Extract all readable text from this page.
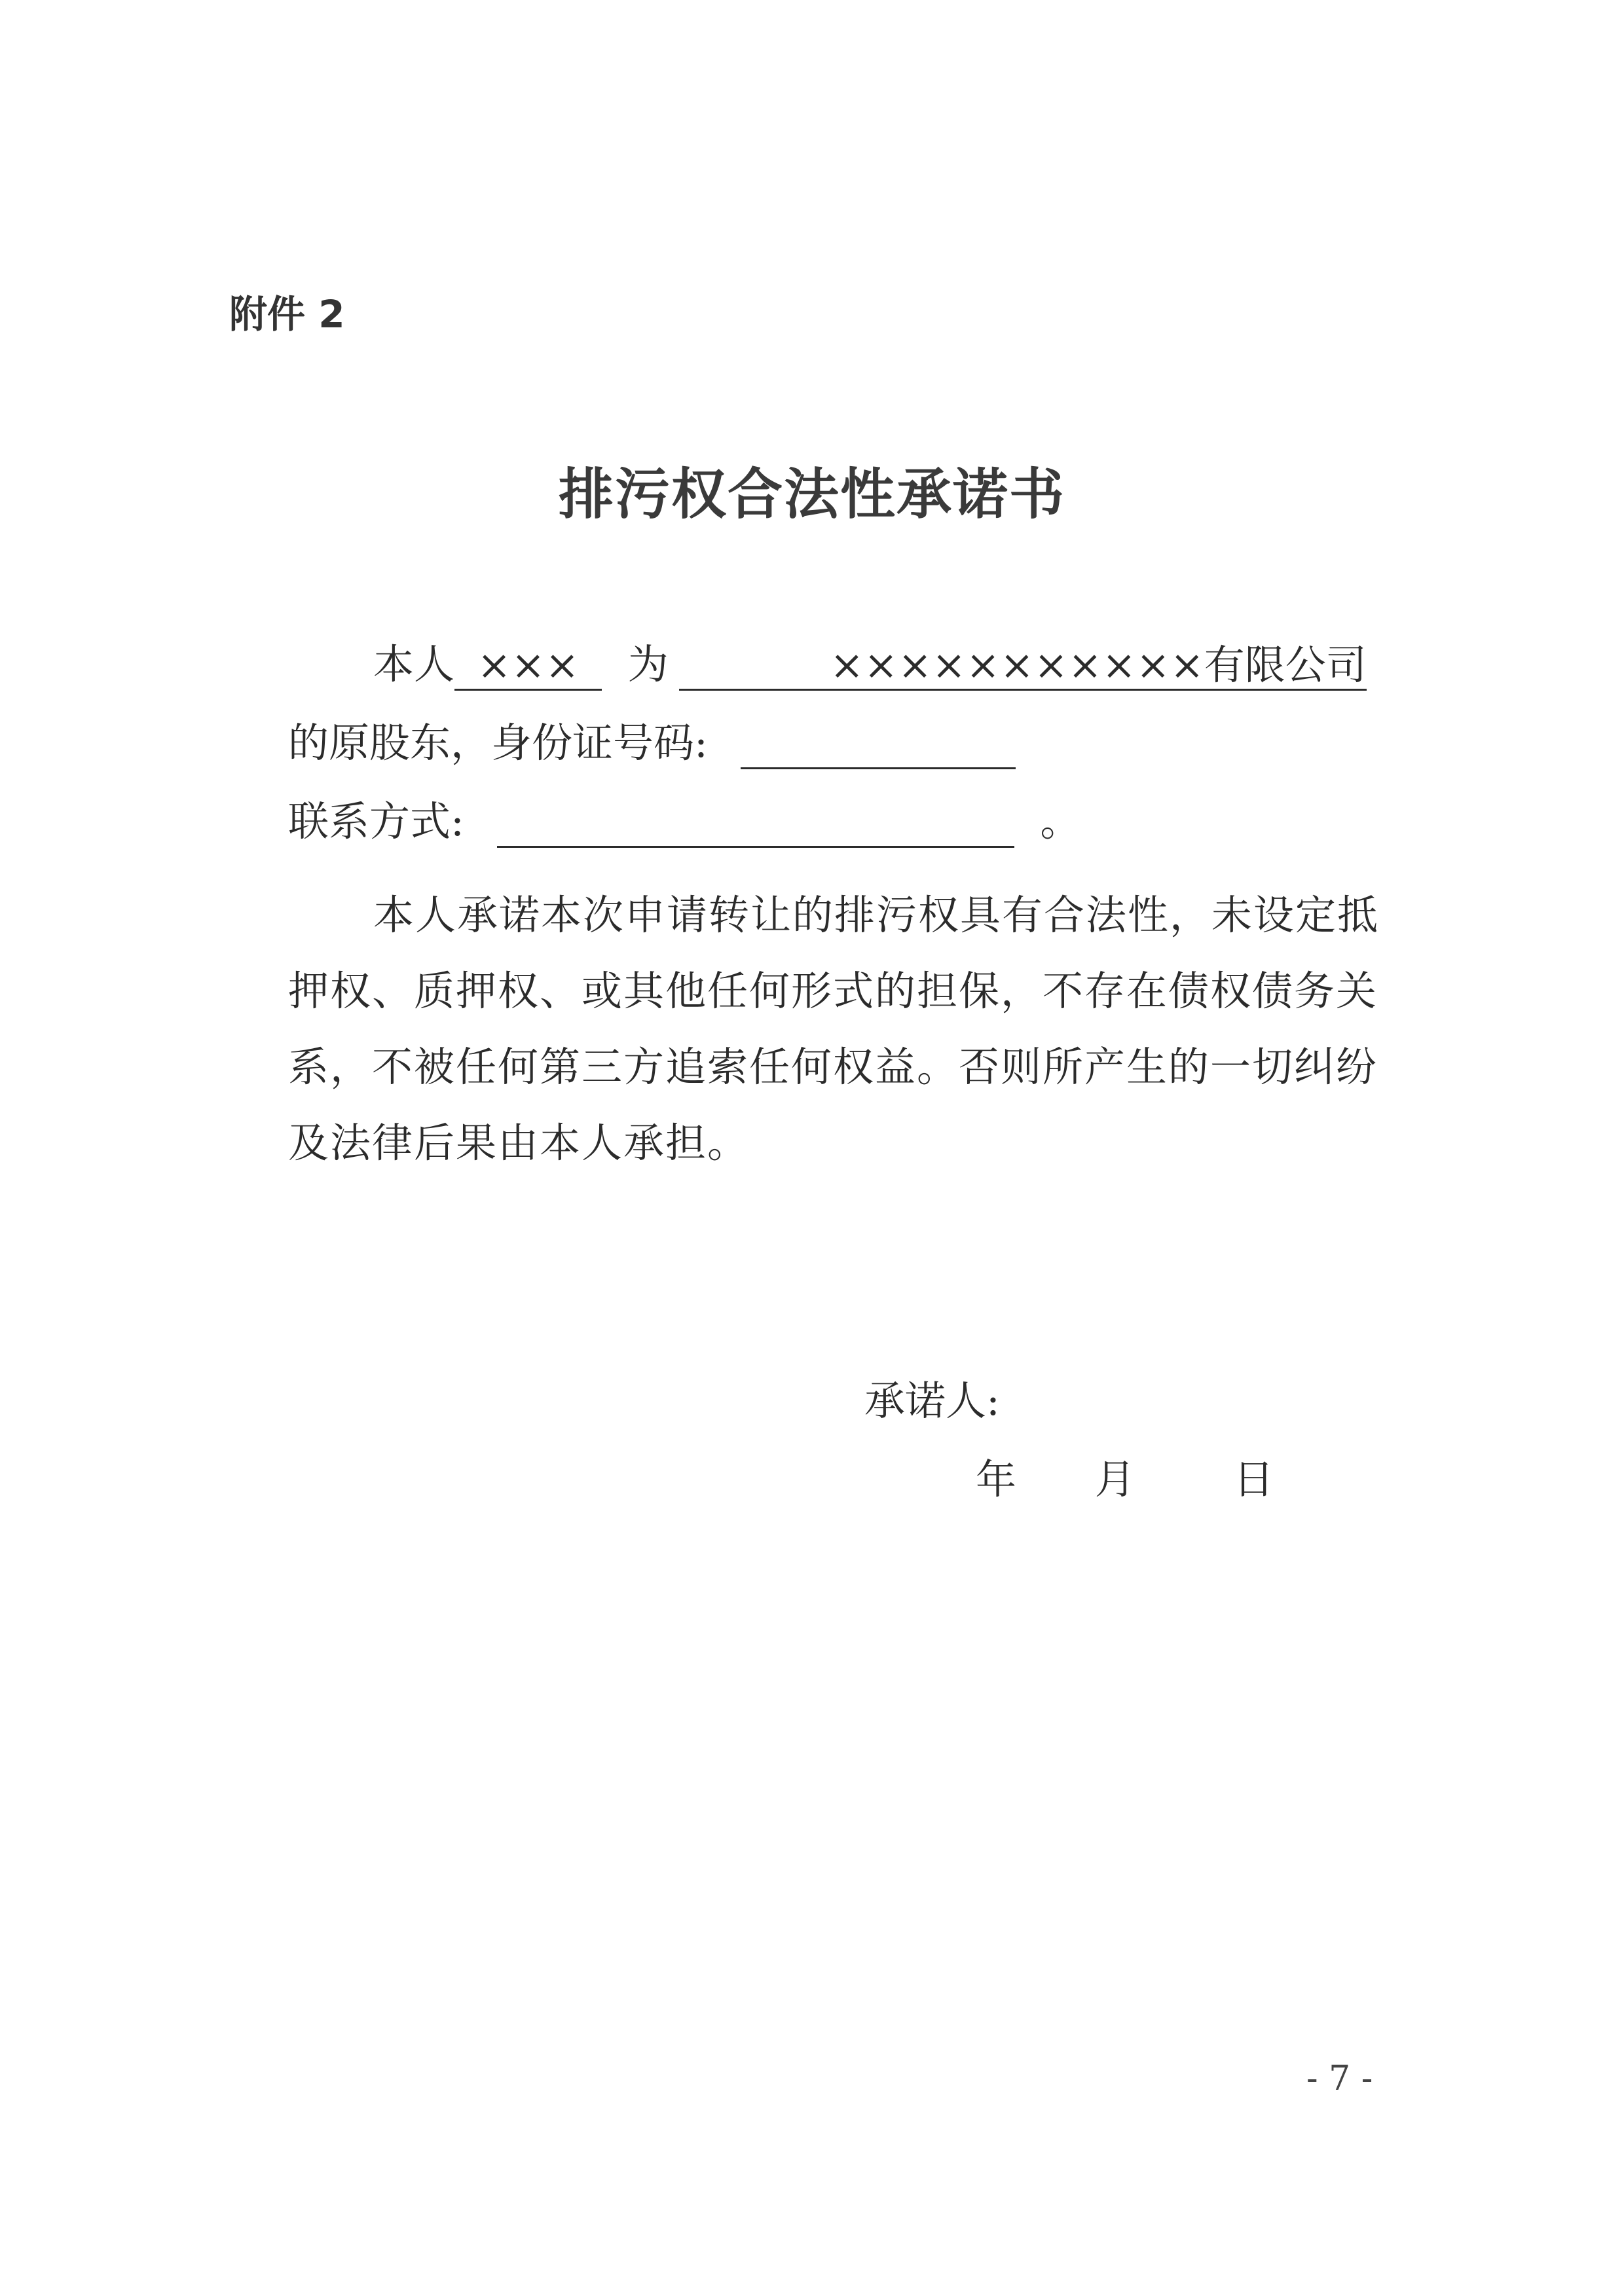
附件 2
排污权合法性承诺书
本人 ××× 为	×××××××××××有限公司
的原股东，身份证号码:
联系方式:	。
本人承诺本次申请转让的排污权具有合法性，未设定抵押权、质押权、或其他任何形式的担保，不存在债权债务关系，不被任何第三方追索任何权益。否则所产生的一切纠纷及法律后果由本人承担。
承诺人:
年 月 日
- 7 -
